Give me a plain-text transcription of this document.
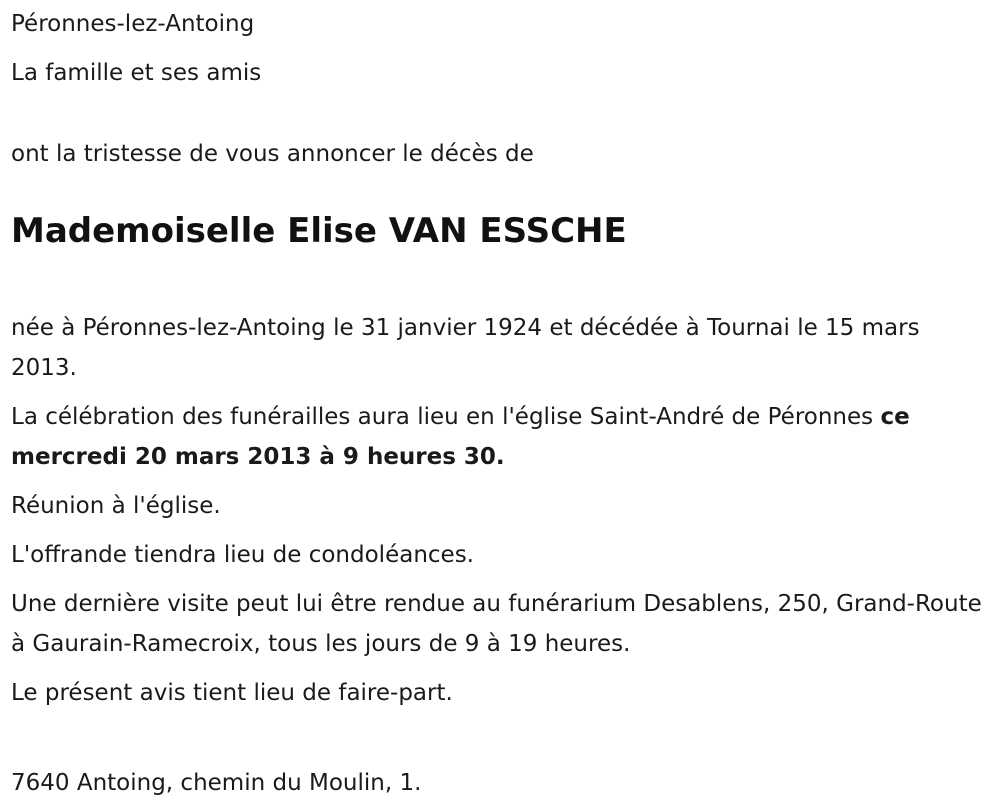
Péronnes-lez-Antoing

La famille et ses amis

ont la tristesse de vous annoncer le décès de

Mademoiselle Elise VAN ESSCHE

née à Péronnes-lez-Antoing le 31 janvier 1924 et décédée à Tournai le 15 mars 2013.

La célébration des funérailles aura lieu en l'église Saint-André de Péronnes ce mercredi 20 mars 2013 à 9 heures 30.

Réunion à l'église.

L'offrande tiendra lieu de condoléances.

Une dernière visite peut lui être rendue au funérarium Desablens, 250, Grand-Route à Gaurain-Ramecroix, tous les jours de 9 à 19 heures.

Le présent avis tient lieu de faire-part.

7640 Antoing, chemin du Moulin, 1.
